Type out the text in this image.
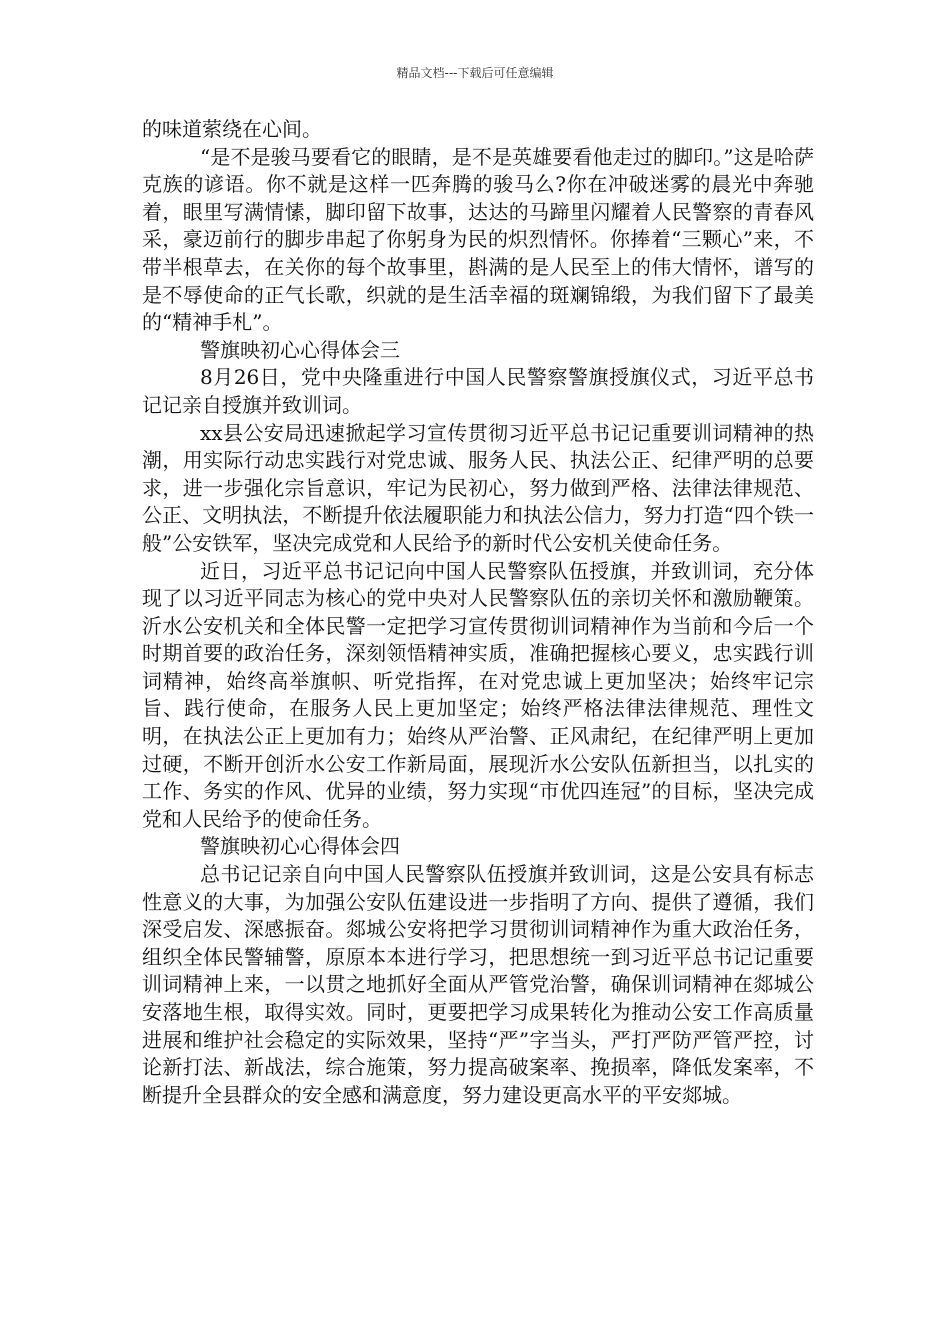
精品文档---下载后可任意编辑

的味道萦绕在心间。

“是不是骏马要看它的眼睛，是不是英雄要看他走过的脚印。”这是哈萨克族的谚语。你不就是这样一匹奔腾的骏马么?你在冲破迷雾的晨光中奔驰着，眼里写满情愫，脚印留下故事，达达的马蹄里闪耀着人民警察的青春风采，豪迈前行的脚步串起了你躬身为民的炽烈情怀。你捧着“三颗心”来，不带半根草去，在关你的每个故事里，斟满的是人民至上的伟大情怀，谱写的是不辱使命的正气长歌，织就的是生活幸福的斑斓锦缎，为我们留下了最美的“精神手札”。

警旗映初心心得体会三

8月26日，党中央隆重进行中国人民警察警旗授旗仪式，习近平总书记记亲自授旗并致训词。

xx县公安局迅速掀起学习宣传贯彻习近平总书记记重要训词精神的热潮，用实际行动忠实践行对党忠诚、服务人民、执法公正、纪律严明的总要求，进一步强化宗旨意识，牢记为民初心，努力做到严格、法律法律规范、公正、文明执法，不断提升依法履职能力和执法公信力，努力打造“四个铁一般”公安铁军，坚决完成党和人民给予的新时代公安机关使命任务。

近日，习近平总书记记向中国人民警察队伍授旗，并致训词，充分体现了以习近平同志为核心的党中央对人民警察队伍的亲切关怀和激励鞭策。沂水公安机关和全体民警一定把学习宣传贯彻训词精神作为当前和今后一个时期首要的政治任务，深刻领悟精神实质，准确把握核心要义，忠实践行训词精神，始终高举旗帜、听党指挥，在对党忠诚上更加坚决；始终牢记宗旨、践行使命，在服务人民上更加坚定；始终严格法律法律规范、理性文明，在执法公正上更加有力；始终从严治警、正风肃纪，在纪律严明上更加过硬，不断开创沂水公安工作新局面，展现沂水公安队伍新担当，以扎实的工作、务实的作风、优异的业绩，努力实现“市优四连冠”的目标，坚决完成党和人民给予的使命任务。

警旗映初心心得体会四

总书记记亲自向中国人民警察队伍授旗并致训词，这是公安具有标志性意义的大事，为加强公安队伍建设进一步指明了方向、提供了遵循，我们深受启发、深感振奋。郯城公安将把学习贯彻训词精神作为重大政治任务，组织全体民警辅警，原原本本进行学习，把思想统一到习近平总书记记重要训词精神上来，一以贯之地抓好全面从严管党治警，确保训词精神在郯城公安落地生根，取得实效。同时，更要把学习成果转化为推动公安工作高质量进展和维护社会稳定的实际效果，坚持“严”字当头，严打严防严管严控，讨论新打法、新战法，综合施策，努力提高破案率、挽损率，降低发案率，不断提升全县群众的安全感和满意度，努力建设更高水平的平安郯城。
